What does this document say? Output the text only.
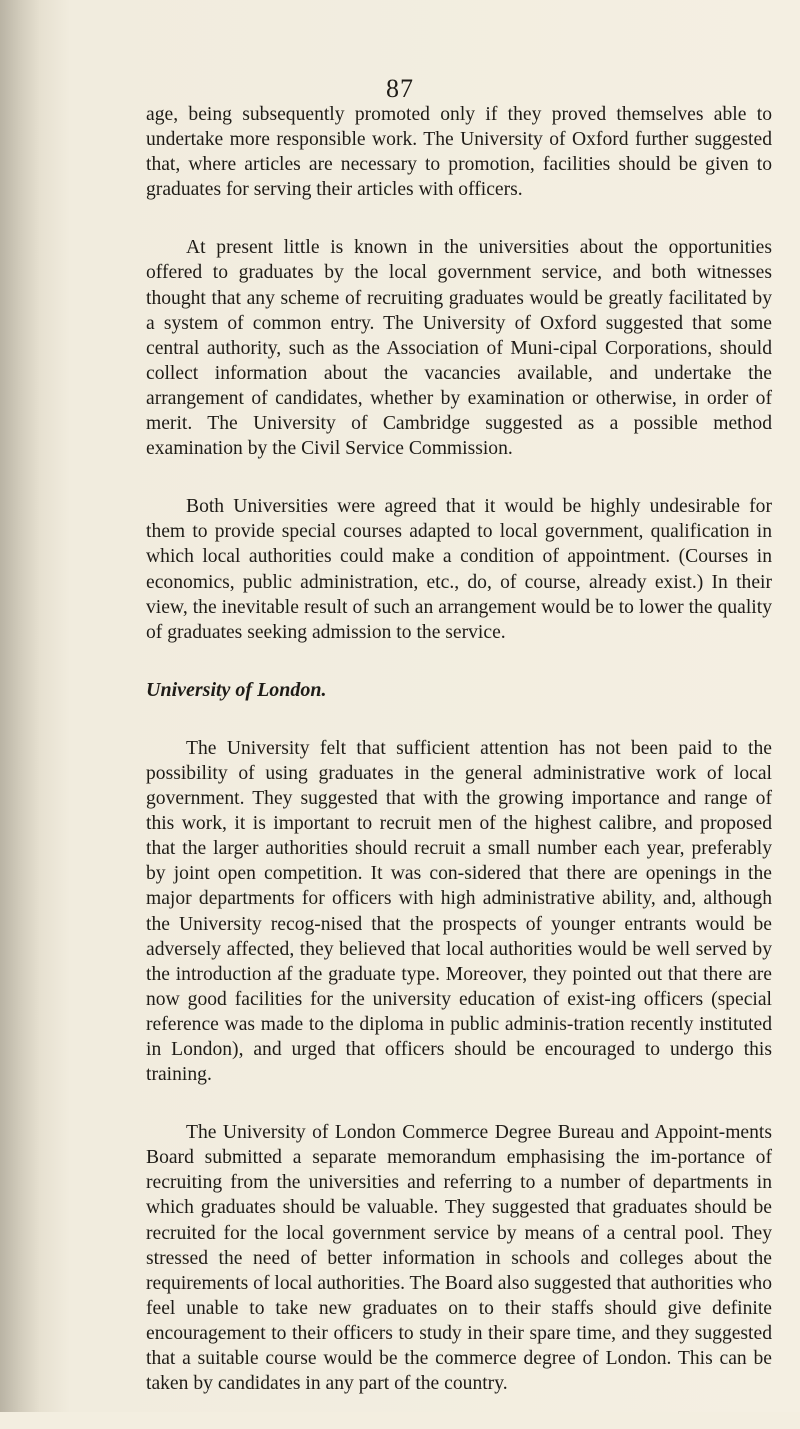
87

age, being subsequently promoted only if they proved themselves able to undertake more responsible work. The University of Oxford further suggested that, where articles are necessary to promotion, facilities should be given to graduates for serving their articles with officers.

At present little is known in the universities about the opportunities offered to graduates by the local government service, and both witnesses thought that any scheme of recruiting graduates would be greatly facilitated by a system of common entry. The University of Oxford suggested that some central authority, such as the Association of Muni-cipal Corporations, should collect information about the vacancies available, and undertake the arrangement of candidates, whether by examination or otherwise, in order of merit. The University of Cambridge suggested as a possible method examination by the Civil Service Commission.

Both Universities were agreed that it would be highly undesirable for them to provide special courses adapted to local government, qualification in which local authorities could make a condition of appointment. (Courses in economics, public administration, etc., do, of course, already exist.) In their view, the inevitable result of such an arrangement would be to lower the quality of graduates seeking admission to the service.

University of London.

The University felt that sufficient attention has not been paid to the possibility of using graduates in the general administrative work of local government. They suggested that with the growing importance and range of this work, it is important to recruit men of the highest calibre, and proposed that the larger authorities should recruit a small number each year, preferably by joint open competition. It was con-sidered that there are openings in the major departments for officers with high administrative ability, and, although the University recog-nised that the prospects of younger entrants would be adversely affected, they believed that local authorities would be well served by the introduction af the graduate type. Moreover, they pointed out that there are now good facilities for the university education of exist-ing officers (special reference was made to the diploma in public adminis-tration recently instituted in London), and urged that officers should be encouraged to undergo this training.

The University of London Commerce Degree Bureau and Appoint-ments Board submitted a separate memorandum emphasising the im-portance of recruiting from the universities and referring to a number of departments in which graduates should be valuable. They suggested that graduates should be recruited for the local government service by means of a central pool. They stressed the need of better information in schools and colleges about the requirements of local authorities. The Board also suggested that authorities who feel unable to take new graduates on to their staffs should give definite encouragement to their officers to study in their spare time, and they suggested that a suitable course would be the commerce degree of London. This can be taken by candidates in any part of the country.
